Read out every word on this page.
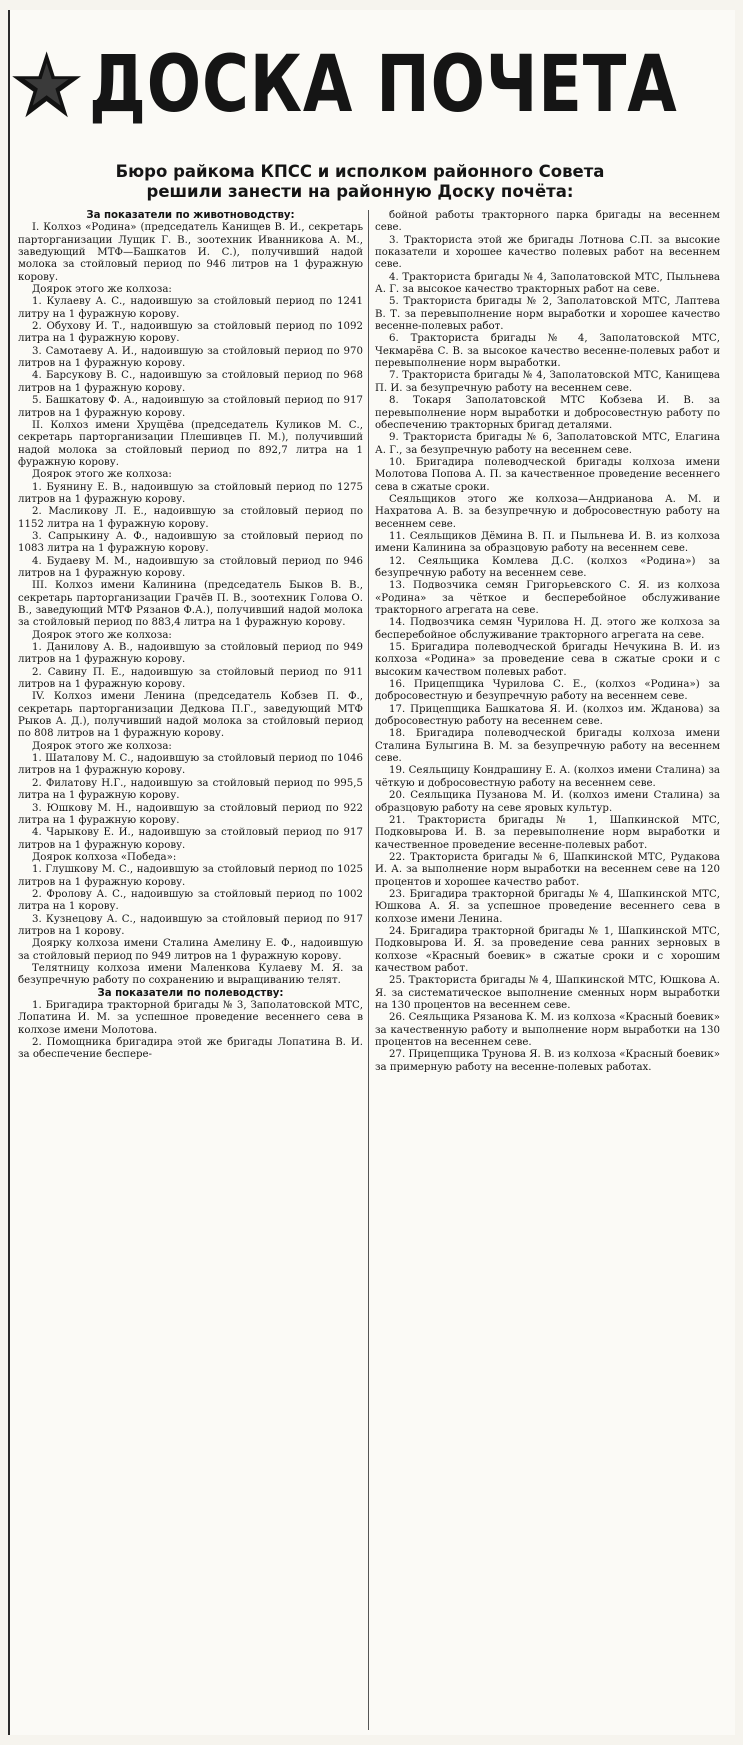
ДОСКА ПОЧЕТА
Бюро райкома КПСС и исполком районного Совета решили занести на районную Доску почёта:

За показатели по животноводству:

I. Колхоз «Родина» (председатель Канищев В. И., секретарь парторганизации Лущик Г. В., зоотехник Иванникова А. М., заведующий МТФ—Башкатов И. С.), получивший надой молока за стойловый период по 946 литров на 1 фуражную корову.

Доярок этого же колхоза:

1. Кулаеву А. С., надоившую за стойловый период по 1241 литру на 1 фуражную корову.

2. Обухову И. Т., надоившую за стойловый период по 1092 литра на 1 фуражную корову.

3. Самотаеву А. И., надоившую за стойловый период по 970 литров на 1 фуражную корову.

4. Барсукову В. С., надоившую за стойловый период по 968 литров на 1 фуражную корову.

5. Башкатову Ф. А., надоившую за стойловый период по 917 литров на 1 фуражную корову.

II. Колхоз имени Хрущёва (председатель Куликов М. С., секретарь парторганизации Плешивцев П. М.), получивший надой молока за стойловый период по 892,7 литра на 1 фуражную корову.

Доярок этого же колхоза:

1. Буянину Е. В., надоившую за стойловый период по 1275 литров на 1 фуражную корову.

2. Масликову Л. Е., надоившую за стойловый период по 1152 литра на 1 фуражную корову.

3. Сапрыкину А. Ф., надоившую за стойловый период по 1083 литра на 1 фуражную корову.

4. Будаеву М. М., надоившую за стойловый период по 946 литров на 1 фуражную корову.

III. Колхоз имени Калинина (председатель Быков В. В., секретарь парторганизации Грачёв П. В., зоотехник Голова О. В., заведующий МТФ Рязанов Ф.А.), получивший надой молока за стойловый период по 883,4 литра на 1 фуражную корову.

Доярок этого же колхоза:

1. Данилову А. В., надоившую за стойловый период по 949 литров на 1 фуражную корову.

2. Савину П. Е., надоившую за стойловый период по 911 литров на 1 фуражную корову.

IV. Колхоз имени Ленина (председатель Кобзев П. Ф., секретарь парторганизации Дедкова П.Г., заведующий МТФ Рыков А. Д.), получивший надой молока за стойловый период по 808 литров на 1 фуражную корову.

Доярок этого же колхоза:

1. Шаталову М. С., надоившую за стойловый период по 1046 литров на 1 фуражную корову.

2. Филатову Н.Г., надоившую за стойловый период по 995,5 литра на 1 фуражную корову.

3. Юшкову М. Н., надоившую за стойловый период по 922 литра на 1 фуражную корову.

4. Чарыкову Е. И., надоившую за стойловый период по 917 литров на 1 фуражную корову.

Доярок колхоза «Победа»:

1. Глушкову М. С., надоившую за стойловый период по 1025 литров на 1 фуражную корову.

2. Фролову А. С., надоившую за стойловый период по 1002 литра на 1 корову.

3. Кузнецову А. С., надоившую за стойловый период по 917 литров на 1 корову.

Доярку колхоза имени Сталина Амелину Е. Ф., надоившую за стойловый период по 949 литров на 1 фуражную корову.

Телятницу колхоза имени Маленкова Кулаеву М. Я. за безупречную работу по сохранению и выращиванию телят.

За показатели по полеводству:

1. Бригадира тракторной бригады № 3, Заполатовской МТС, Лопатина И. М. за успешное проведение весеннего сева в колхозе имени Молотова.

2. Помощника бригадира этой же бригады Лопатина В. И. за обеспечение беспере-

бойной работы тракторного парка бригады на весеннем севе.

3. Тракториста этой же бригады Лотнова С.П. за высокие показатели и хорошее качество полевых работ на весеннем севе.

4. Тракториста бригады № 4, Заполатовской МТС, Пыльнева А. Г. за высокое качество тракторных работ на севе.

5. Тракториста бригады № 2, Заполатовской МТС, Лаптева В. Т. за перевыполнение норм выработки и хорошее качество весенне-полевых работ.

6. Тракториста бригады № 4, Заполатовской МТС, Чекмарёва С. В. за высокое качество весенне-полевых работ и перевыполнение норм выработки.

7. Тракториста бригады № 4, Заполатовской МТС, Канищева П. И. за безупречную работу на весеннем севе.

8. Токаря Заполатовской МТС Кобзева И. В. за перевыполнение норм выработки и добросовестную работу по обеспечению тракторных бригад деталями.

9. Тракториста бригады № 6, Заполатовской МТС, Елагина А. Г., за безупречную работу на весеннем севе.

10. Бригадира полеводческой бригады колхоза имени Молотова Попова А. П. за качественное проведение весеннего сева в сжатые сроки.

Сеяльщиков этого же колхоза—Андрианова А. М. и Нахратова А. В. за безупречную и добросовестную работу на весеннем севе.

11. Сеяльщиков Дёмина В. П. и Пыльнева И. В. из колхоза имени Калинина за образцовую работу на весеннем севе.

12. Сеяльщика Комлева Д.С. (колхоз «Родина») за безупречную работу на весеннем севе.

13. Подвозчика семян Григорьевского С. Я. из колхоза «Родина» за чёткое и бесперебойное обслуживание тракторного агрегата на севе.

14. Подвозчика семян Чурилова Н. Д. этого же колхоза за бесперебойное обслуживание тракторного агрегата на севе.

15. Бригадира полеводческой бригады Нечукина В. И. из колхоза «Родина» за проведение сева в сжатые сроки и с высоким качеством полевых работ.

16. Прицепщика Чурилова С. Е., (колхоз «Родина») за добросовестную и безупречную работу на весеннем севе.

17. Прицепщика Башкатова Я. И. (колхоз им. Жданова) за добросовестную работу на весеннем севе.

18. Бригадира полеводческой бригады колхоза имени Сталина Булыгина В. М. за безупречную работу на весеннем севе.

19. Сеяльщицу Кондрашину Е. А. (колхоз имени Сталина) за чёткую и добросовестную работу на весеннем севе.

20. Сеяльщика Пузанова М. И. (колхоз имени Сталина) за образцовую работу на севе яровых культур.

21. Тракториста бригады № 1, Шапкинской МТС, Подковырова И. В. за перевыполнение норм выработки и качественное проведение весенне-полевых работ.

22. Тракториста бригады № 6, Шапкинской МТС, Рудакова И. А. за выполнение норм выработки на весеннем севе на 120 процентов и хорошее качество работ.

23. Бригадира тракторной бригады № 4, Шапкинской МТС, Юшкова А. Я. за успешное проведение весеннего сева в колхозе имени Ленина.

24. Бригадира тракторной бригады № 1, Шапкинской МТС, Подковырова И. Я. за проведение сева ранних зерновых в колхозе «Красный боевик» в сжатые сроки и с хорошим качеством работ.

25. Тракториста бригады № 4, Шапкинской МТС, Юшкова А. Я. за систематическое выполнение сменных норм выработки на 130 процентов на весеннем севе.

26. Сеяльщика Рязанова К. М. из колхоза «Красный боевик» за качественную работу и выполнение норм выработки на 130 процентов на весеннем севе.

27. Прицепщика Трунова Я. В. из колхоза «Красный боевик» за примерную работу на весенне-полевых работах.
